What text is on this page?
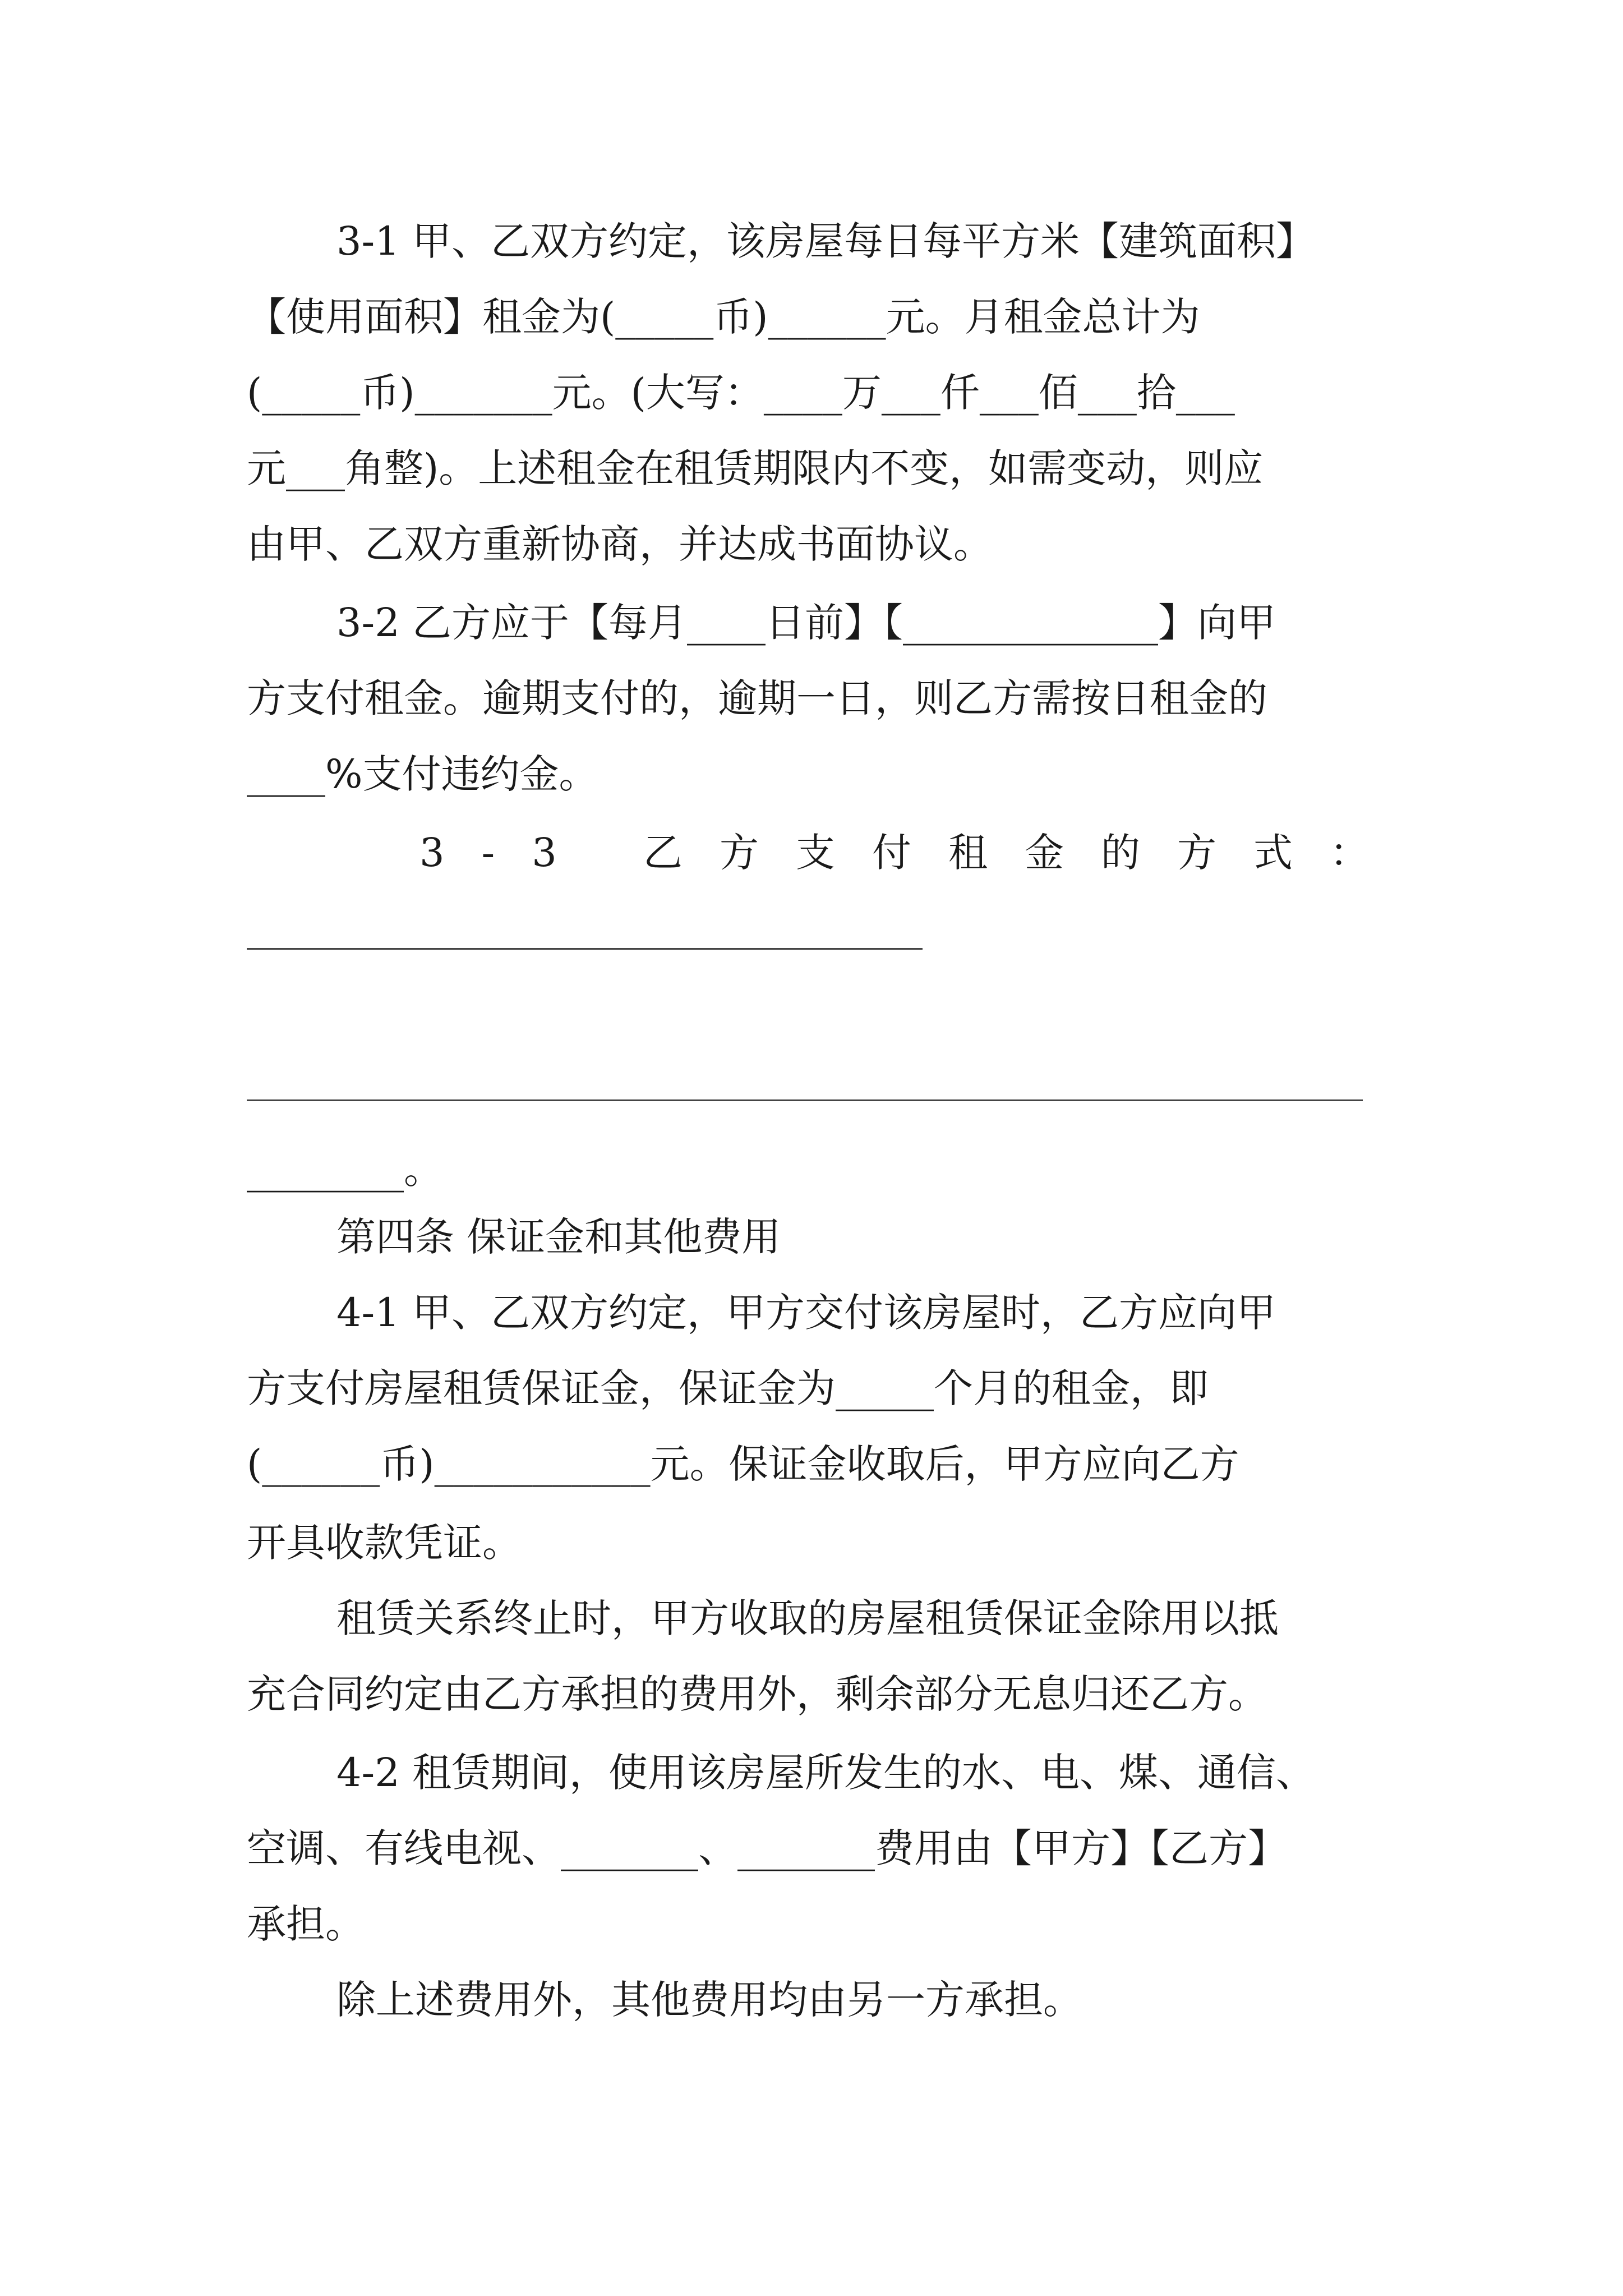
3-1 甲、乙双方约定，该房屋每日每平方米【建筑面积】
【使用面积】租金为(_____币)______元。月租金总计为
(_____币)_______元。(大写：____万___仟___佰___拾___
元___角整)。上述租金在租赁期限内不变，如需变动，则应
由甲、乙双方重新协商，并达成书面协议。
3-2 乙方应于【每月____日前】【_____________】向甲
方支付租金。逾期支付的，逾期一日，则乙方需按日租金的
____%支付违约金。
3-3 乙方支付租金的方式：
________。
第四条 保证金和其他费用
4-1 甲、乙双方约定，甲方交付该房屋时，乙方应向甲
方支付房屋租赁保证金，保证金为_____个月的租金，即
(______币)___________元。保证金收取后，甲方应向乙方
开具收款凭证。
租赁关系终止时，甲方收取的房屋租赁保证金除用以抵
充合同约定由乙方承担的费用外，剩余部分无息归还乙方。
4-2 租赁期间，使用该房屋所发生的水、电、煤、通信、
空调、有线电视、_______、_______费用由【甲方】【乙方】
承担。
除上述费用外，其他费用均由另一方承担。
